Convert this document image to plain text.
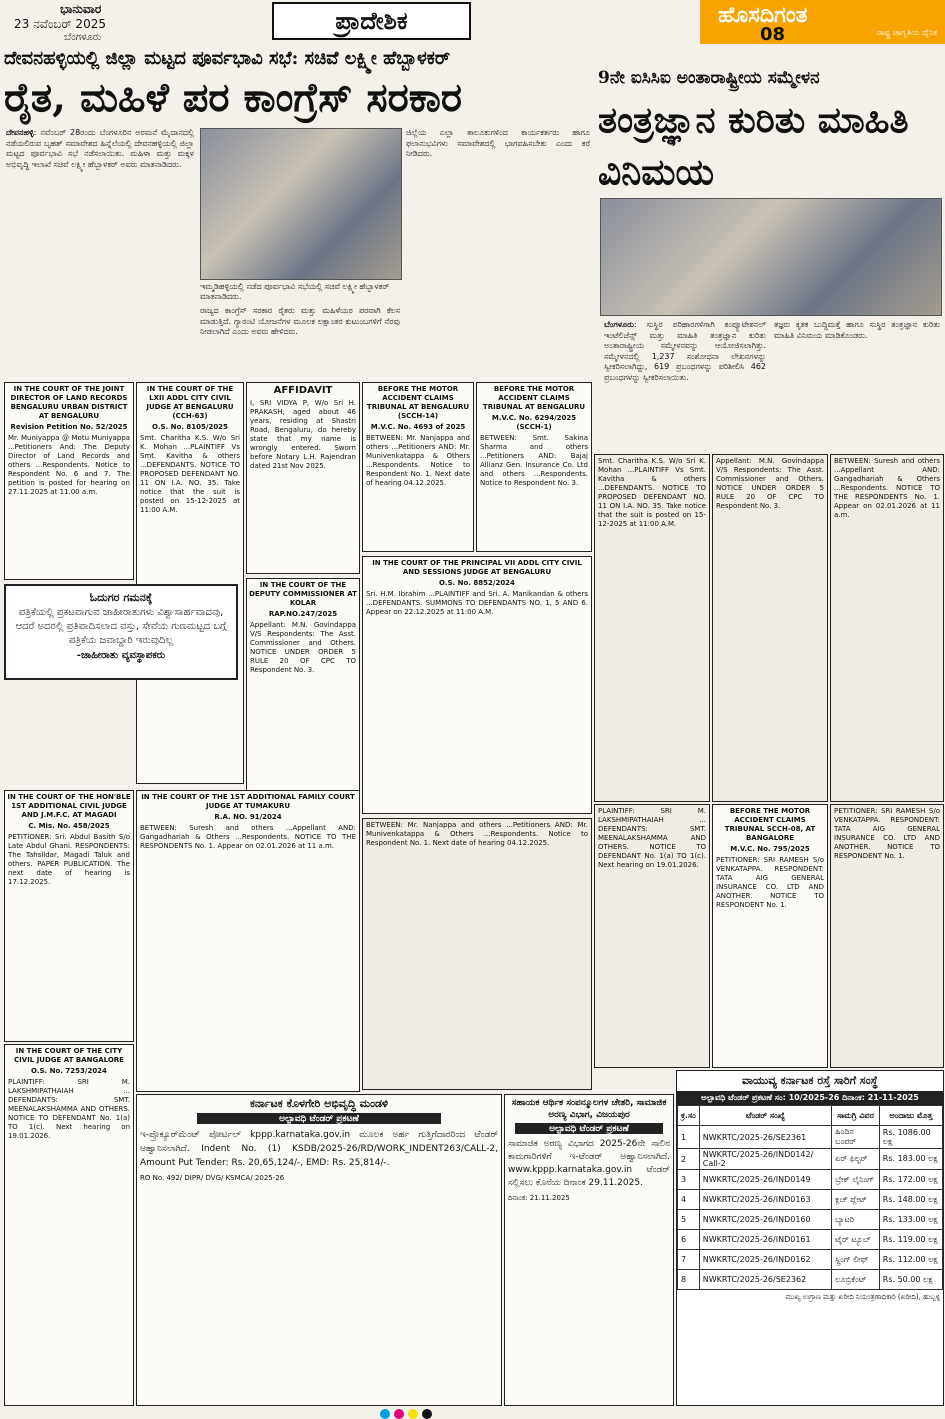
ಭಾನುವಾರ
23 ನವೆಂಬರ್ 2025
ಬೆಂಗಳೂರು
ಪ್ರಾದೇಶಿಕ	ಹೊಸದಿಗಂತ
08	ರಾಷ್ಟ್ರ ಜಾಗೃತಿಯ ದೈನಿಕ
ದೇವನಹಳ್ಳಿಯಲ್ಲಿ ಜಿಲ್ಲಾ ಮಟ್ಟದ ಪೂರ್ವಭಾವಿ ಸಭೆ: ಸಚಿವೆ ಲಕ್ಷ್ಮೀ ಹೆಬ್ಬಾಳಕರ್
ರೈತ, ಮಹಿಳೆ ಪರ ಕಾಂಗ್ರೆಸ್ ಸರಕಾರ
ದೇವನಹಳ್ಳಿ: ನವೆಂಬರ್ 28ರಂದು ಬೆಂಗಳೂರಿನ ಅರಮನೆ ಮೈದಾನದಲ್ಲಿ ನಡೆಯಲಿರುವ ಬೃಹತ್ ಸಮಾವೇಶದ ಹಿನ್ನೆಲೆಯಲ್ಲಿ ದೇವನಹಳ್ಳಿಯಲ್ಲಿ ಜಿಲ್ಲಾ ಮಟ್ಟದ ಪೂರ್ವಭಾವಿ ಸಭೆ ನಡೆಸಲಾಯಿತು. ಮಹಿಳಾ ಮತ್ತು ಮಕ್ಕಳ ಅಭಿವೃದ್ಧಿ ಇಲಾಖೆ ಸಚಿವೆ ಲಕ್ಷ್ಮೀ ಹೆಬ್ಬಾಳಕರ್ ಅವರು ಮಾತನಾಡಿದರು.
ಇಮ್ಮಡಿಹಳ್ಳಿಯಲ್ಲಿ ನಡೆದ ಪೂರ್ವಭಾವಿ ಸಭೆಯಲ್ಲಿ ಸಚಿವೆ ಲಕ್ಷ್ಮೀ ಹೆಬ್ಬಾಳಕರ್ ಮಾತನಾಡಿದರು.
ರಾಜ್ಯದ ಕಾಂಗ್ರೆಸ್ ಸರಕಾರ ರೈತರು ಮತ್ತು ಮಹಿಳೆಯರ ಪರವಾಗಿ ಕೆಲಸ ಮಾಡುತ್ತಿದೆ. ಗ್ಯಾರಂಟಿ ಯೋಜನೆಗಳ ಮೂಲಕ ಲಕ್ಷಾಂತರ ಕುಟುಂಬಗಳಿಗೆ ನೆರವು ನೀಡಲಾಗಿದೆ ಎಂದು ಅವರು ಹೇಳಿದರು.
ಜಿಲ್ಲೆಯ ಎಲ್ಲಾ ತಾಲೂಕುಗಳಿಂದ ಕಾರ್ಯಕರ್ತರು ಹಾಗೂ ಫಲಾನುಭವಿಗಳು ಸಮಾವೇಶದಲ್ಲಿ ಭಾಗವಹಿಸಬೇಕು ಎಂದು ಕರೆ ನೀಡಿದರು.
9ನೇ ಐಸಿಸಿಐ ಅಂತಾರಾಷ್ಟ್ರೀಯ ಸಮ್ಮೇಳನ
ತಂತ್ರಜ್ಞಾನ ಕುರಿತು ಮಾಹಿತಿ ವಿನಿಮಯ
ಬೆಂಗಳೂರು: ಸುಸ್ಥಿರ ಪರಿಹಾರಗಳಿಗಾಗಿ ಕಂಪ್ಯೂಟೇಶನಲ್ ಇಂಟೆಲಿಜೆನ್ಸ್ ಮತ್ತು ಮಾಹಿತಿ ತಂತ್ರಜ್ಞಾನ ಕುರಿತು ಅಂತಾರಾಷ್ಟ್ರೀಯ ಸಮ್ಮೇಳನವನ್ನು ಆಯೋಜಿಸಲಾಗಿತ್ತು. ಸಮ್ಮೇಳನದಲ್ಲಿ 1,237 ಸಂಶೋಧನಾ ಲೇಖನಗಳನ್ನು ಸ್ವೀಕರಿಸಲಾಗಿದ್ದು, 619 ಪ್ರಬಂಧಗಳನ್ನು ಪರಿಶೀಲಿಸಿ 462 ಪ್ರಬಂಧಗಳನ್ನು ಸ್ವೀಕರಿಸಲಾಯಿತು.
ತಜ್ಞರು ಕೃತಕ ಬುದ್ಧಿಮತ್ತೆ ಹಾಗೂ ಸುಸ್ಥಿರ ತಂತ್ರಜ್ಞಾನ ಕುರಿತು ಮಾಹಿತಿ ವಿನಿಮಯ ಮಾಡಿಕೊಂಡರು.
IN THE COURT OF THE JOINT DIRECTOR OF LAND RECORDS BENGALURU URBAN DISTRICT AT BENGALURU
Revision Petition No. 52/2025
Mr. Muniyappa @ Motu Muniyappa ...Petitioners And: The Deputy Director of Land Records and others ...Respondents. Notice to Respondent No. 6 and 7. The petition is posted for hearing on 27.11.2025 at 11.00 a.m.
IN THE COURT OF THE LXII ADDL CITY CIVIL JUDGE AT BENGALURU (CCH-63)
O.S. No. 8105/2025
Smt. Charitha K.S. W/o Sri K. Mohan ...PLAINTIFF Vs Smt. Kavitha & others ...DEFENDANTS. NOTICE TO PROPOSED DEFENDANT NO. 11 ON I.A. NO. 35. Take notice that the suit is posted on 15-12-2025 at 11:00 A.M.
AFFIDAVIT
I, SRI VIDYA P, W/o Sri H. PRAKASH, aged about 46 years, residing at Shastri Road, Bengaluru, do hereby state that my name is wrongly entered. Sworn before Notary L.H. Rajendran dated 21st Nov 2025.
BEFORE THE MOTOR ACCIDENT CLAIMS TRIBUNAL AT BENGALURU (SCCH-14)
M.V.C. No. 4693 of 2025
BETWEEN: Mr. Nanjappa and others ...Petitioners AND: Mr. Munivenkatappa & Others ...Respondents. Notice to Respondent No. 1. Next date of hearing 04.12.2025.
BEFORE THE MOTOR ACCIDENT CLAIMS TRIBUNAL AT BENGALURU
M.V.C. No. 6294/2025 (SCCH-1)
BETWEEN: Smt. Sakina Sharma and others ...Petitioners AND: Bajaj Allianz Gen. Insurance Co. Ltd and others ...Respondents. Notice to Respondent No. 3.
IN THE COURT OF THE PRINCIPAL VII ADDL CITY CIVIL AND SESSIONS JUDGE AT BENGALURU
O.S. No. 8852/2024
Sri. H.M. Ibrahim ...PLAINTIFF and Sri. A. Manikandan & others ...DEFENDANTS. SUMMONS TO DEFENDANTS NO. 1, 5 AND 6. Appear on 22.12.2025 at 11:00 A.M.
IN THE COURT OF THE DEPUTY COMMISSIONER AT KOLAR
RAP.NO.247/2025
Appellant: M.N. Govindappa V/S Respondents: The Asst. Commissioner and Others. NOTICE UNDER ORDER 5 RULE 20 OF CPC TO Respondent No. 3.
ಓದುಗರ ಗಮನಕ್ಕೆ
ಪತ್ರಿಕೆಯಲ್ಲಿ ಪ್ರಕಟವಾಗುವ ಜಾಹೀರಾತುಗಳು ವಿಶ್ವಾಸಾರ್ಹವಾದವು, ಆದರೆ ಅದರಲ್ಲಿ ಪ್ರತಿಪಾದಿಸಲಾದ ವಸ್ತು, ಸೇವೆಯ ಗುಣಮಟ್ಟದ ಬಗ್ಗೆ ಪತ್ರಿಕೆಯ ಜವಾಬ್ದಾರಿ ಇರುವುದಿಲ್ಲ
-ಜಾಹೀರಾತು ವ್ಯವಸ್ಥಾಪಕರು
IN THE COURT OF THE HON'BLE 1ST ADDITIONAL CIVIL JUDGE AND J.M.F.C. AT MAGADI
C. Mis. No. 458/2025
PETITIONER: Sri. Abdul Basith S/o Late Abdul Ghani. RESPONDENTS: The Tahsildar, Magadi Taluk and others. PAPER PUBLICATION. The next date of hearing is 17.12.2025.
IN THE COURT OF THE CITY CIVIL JUDGE AT BANGALORE
O.S. No. 7253/2024
PLAINTIFF: SRI M. LAKSHMIPATHAIAH ... DEFENDANTS: SMT. MEENALAKSHAMMA AND OTHERS. NOTICE TO DEFENDANT No. 1(a) TO 1(c). Next hearing on 19.01.2026.
IN THE COURT OF THE 1ST ADDITIONAL FAMILY COURT JUDGE AT TUMAKURU
R.A. NO. 91/2024
BETWEEN: Suresh and others ...Appellant AND: Gangadhariah & Others ...Respondents. NOTICE TO THE RESPONDENTS No. 1. Appear on 02.01.2026 at 11 a.m.
BETWEEN: Mr. Nanjappa and others ...Petitioners AND: Mr. Munivenkatappa & Others ...Respondents. Notice to Respondent No. 1. Next date of hearing 04.12.2025.
Smt. Charitha K.S. W/o Sri K. Mohan ...PLAINTIFF Vs Smt. Kavitha & others ...DEFENDANTS. NOTICE TO PROPOSED DEFENDANT NO. 11 ON I.A. NO. 35. Take notice that the suit is posted on 15-12-2025 at 11:00 A.M.
Appellant: M.N. Govindappa V/S Respondents: The Asst. Commissioner and Others. NOTICE UNDER ORDER 5 RULE 20 OF CPC TO Respondent No. 3.
BETWEEN: Suresh and others ...Appellant AND: Gangadhariah & Others ...Respondents. NOTICE TO THE RESPONDENTS No. 1. Appear on 02.01.2026 at 11 a.m.
BEFORE THE MOTOR ACCIDENT CLAIMS TRIBUNAL SCCH-08, AT BANGALORE
M.V.C. No. 795/2025
PETITIONER: SRI RAMESH S/o VENKATAPPA. RESPONDENT: TATA AIG GENERAL INSURANCE CO. LTD AND ANOTHER. NOTICE TO RESPONDENT No. 1.
PLAINTIFF: SRI M. LAKSHMIPATHAIAH ... DEFENDANTS: SMT. MEENALAKSHAMMA AND OTHERS. NOTICE TO DEFENDANT No. 1(a) TO 1(c). Next hearing on 19.01.2026.
PETITIONER: SRI RAMESH S/o VENKATAPPA. RESPONDENT: TATA AIG GENERAL INSURANCE CO. LTD AND ANOTHER. NOTICE TO RESPONDENT No. 1.
ಕರ್ನಾಟಕ ಕೊಳಗೇರಿ ಅಭಿವೃದ್ಧಿ ಮಂಡಳಿ
ಅಲ್ಪಾವಧಿ ಟೆಂಡರ್ ಪ್ರಕಟಣೆ
ಇ-ಪ್ರೊಕ್ಯೂರ್‌ಮೆಂಟ್ ಪೋರ್ಟಲ್ kppp.karnataka.gov.in ಮೂಲಕ ಅರ್ಹ ಗುತ್ತಿಗೆದಾರರಿಂದ ಟೆಂಡರ್ ಆಹ್ವಾನಿಸಲಾಗಿದೆ. Indent No. (1) KSDB/2025-26/RD/WORK_INDENT263/CALL-2, Amount Put Tender: Rs. 20,65,124/-, EMD: Rs. 25,814/-.
RO No. 492/ DIPR/ DVG/ KSMCA/ 2025-26
ಸಹಾಯಕ ಆರ್ಥಿಕ ಸಂಪನ್ಮೂಲಗಳ ಚೇತರಿ, ಸಾಮಾಜಿಕ ಅರಣ್ಯ ವಿಭಾಗ, ವಿಜಯಪುರ
ಅಲ್ಪಾವಧಿ ಟೆಂಡರ್ ಪ್ರಕಟಣೆ
ಸಾಮಾಜಿಕ ಅರಣ್ಯ ವಿಭಾಗದ 2025-26ನೇ ಸಾಲಿನ ಕಾಮಗಾರಿಗಳಿಗೆ ಇ-ಟೆಂಡರ್ ಆಹ್ವಾನಿಸಲಾಗಿದೆ. www.kppp.karnataka.gov.in ಟೆಂಡರ್ ಸಲ್ಲಿಸಲು ಕೊನೆಯ ದಿನಾಂಕ 29.11.2025.
ದಿನಾಂಕ: 21.11.2025
ವಾಯುವ್ಯ ಕರ್ನಾಟಕ ರಸ್ತೆ ಸಾರಿಗೆ ಸಂಸ್ಥೆ
ಅಲ್ಪಾವಧಿ ಟೆಂಡರ್ ಪ್ರಕಟಣೆ ಸಂ: 10/2025-26 ದಿನಾಂಕ: 21-11-2025
ಕ್ರ.ಸಂ	ಟೆಂಡರ್ ಸಂಖ್ಯೆ	ಸಾಮಗ್ರಿ ವಿವರ	ಅಂದಾಜು ಮೊತ್ತ
1	NWKRTC/2025-26/SE2361	ಹಿಂದಿನ ಬಂಪರ್	Rs. 1086.00 ಲಕ್ಷ
2	NWKRTC/2025-26/IND0142/ Call-2	ಏರ್ ಫಿಲ್ಟರ್	Rs. 183.00 ಲಕ್ಷ
3	NWKRTC/2025-26/IND0149	ಬ್ರೇಕ್ ಲೈನಿಂಗ್	Rs. 172.00 ಲಕ್ಷ
4	NWKRTC/2025-26/IND0163	ಕ್ಲಚ್ ಪ್ಲೇಟ್	Rs. 148.00 ಲಕ್ಷ
5	NWKRTC/2025-26/IND0160	ಬ್ಯಾಟರಿ	Rs. 133.00 ಲಕ್ಷ
6	NWKRTC/2025-26/IND0161	ಟೈರ್ ಟ್ಯೂಬ್	Rs. 119.00 ಲಕ್ಷ
7	NWKRTC/2025-26/IND0162	ಸ್ಪ್ರಿಂಗ್ ಲೀಫ್	Rs. 112.00 ಲಕ್ಷ
8	NWKRTC/2025-26/SE2362	ಲೂಬ್ರಿಕೆಂಟ್	Rs. 50.00 ಲಕ್ಷ
ಮುಖ್ಯ ಉಗ್ರಾಣ ಮತ್ತು ಖರೀದಿ ನಿಯಂತ್ರಣಾಧಿಕಾರಿ (ಖರೀದಿ), ಹುಬ್ಬಳ್ಳಿ
